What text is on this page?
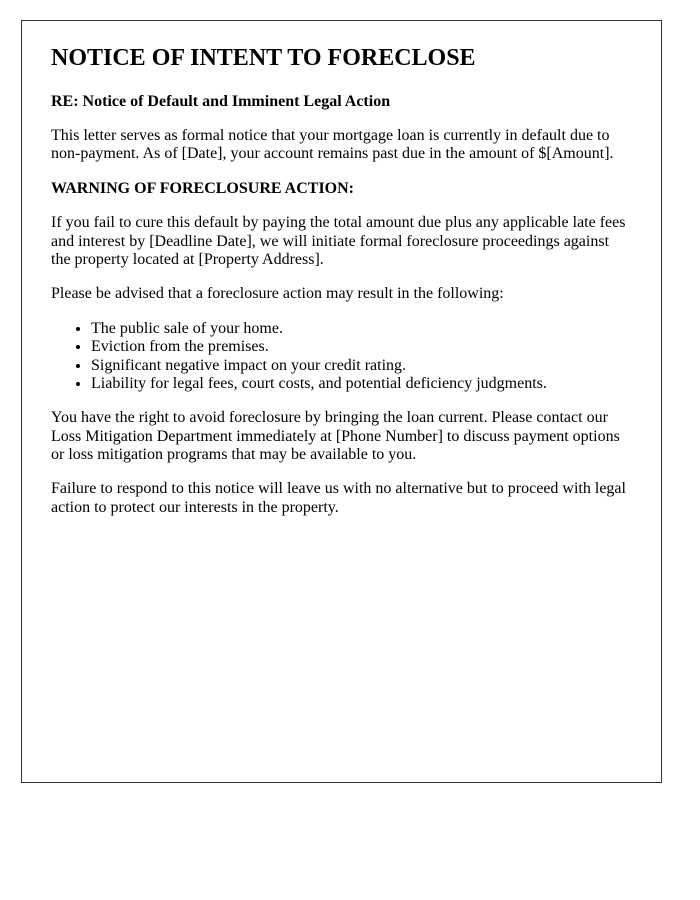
NOTICE OF INTENT TO FORECLOSE
RE: Notice of Default and Imminent Legal Action

This letter serves as formal notice that your mortgage loan is currently in default due to non-payment. As of [Date], your account remains past due in the amount of $[Amount].

WARNING OF FORECLOSURE ACTION:

If you fail to cure this default by paying the total amount due plus any applicable late fees and interest by [Deadline Date], we will initiate formal foreclosure proceedings against the property located at [Property Address].

Please be advised that a foreclosure action may result in the following:

• The public sale of your home.
• Eviction from the premises.
• Significant negative impact on your credit rating.
• Liability for legal fees, court costs, and potential deficiency judgments.

You have the right to avoid foreclosure by bringing the loan current. Please contact our Loss Mitigation Department immediately at [Phone Number] to discuss payment options or loss mitigation programs that may be available to you.

Failure to respond to this notice will leave us with no alternative but to proceed with legal action to protect our interests in the property.
